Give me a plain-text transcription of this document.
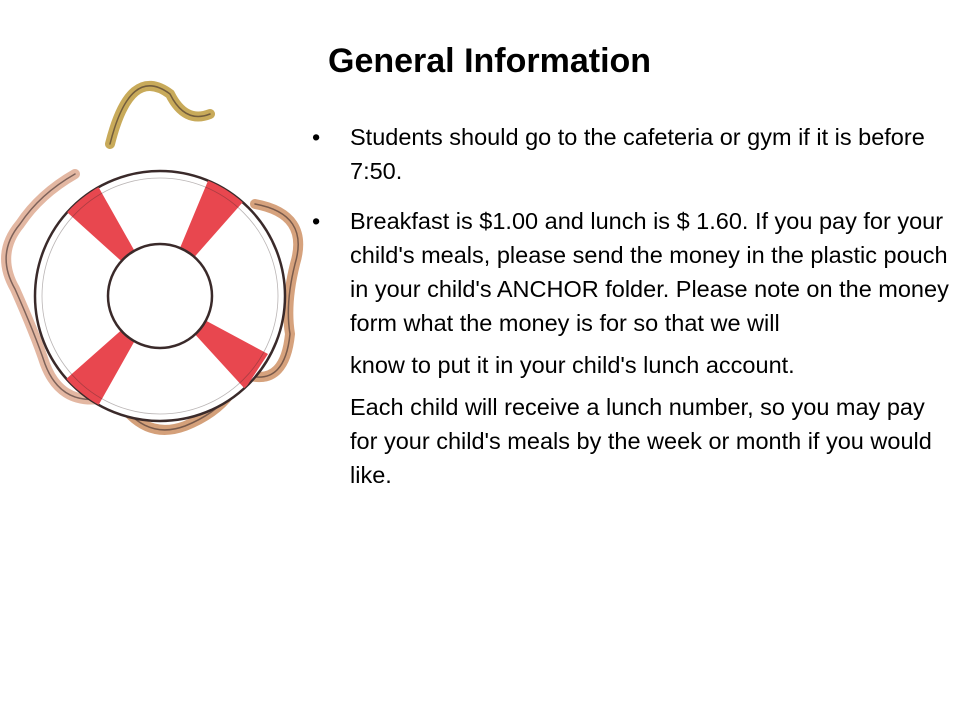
General Information
•	Students should go to the cafeteria or gym if it is before 7:50.
•	Breakfast is $1.00 and lunch is $ 1.60. If you pay for your child's meals, please send the money in the plastic pouch in your child's ANCHOR folder. Please note on the money form what the money is for so that we will
know to put it in your child's lunch account.
Each child will receive a lunch number, so you may pay for your child's meals by the week or month if you would like.
